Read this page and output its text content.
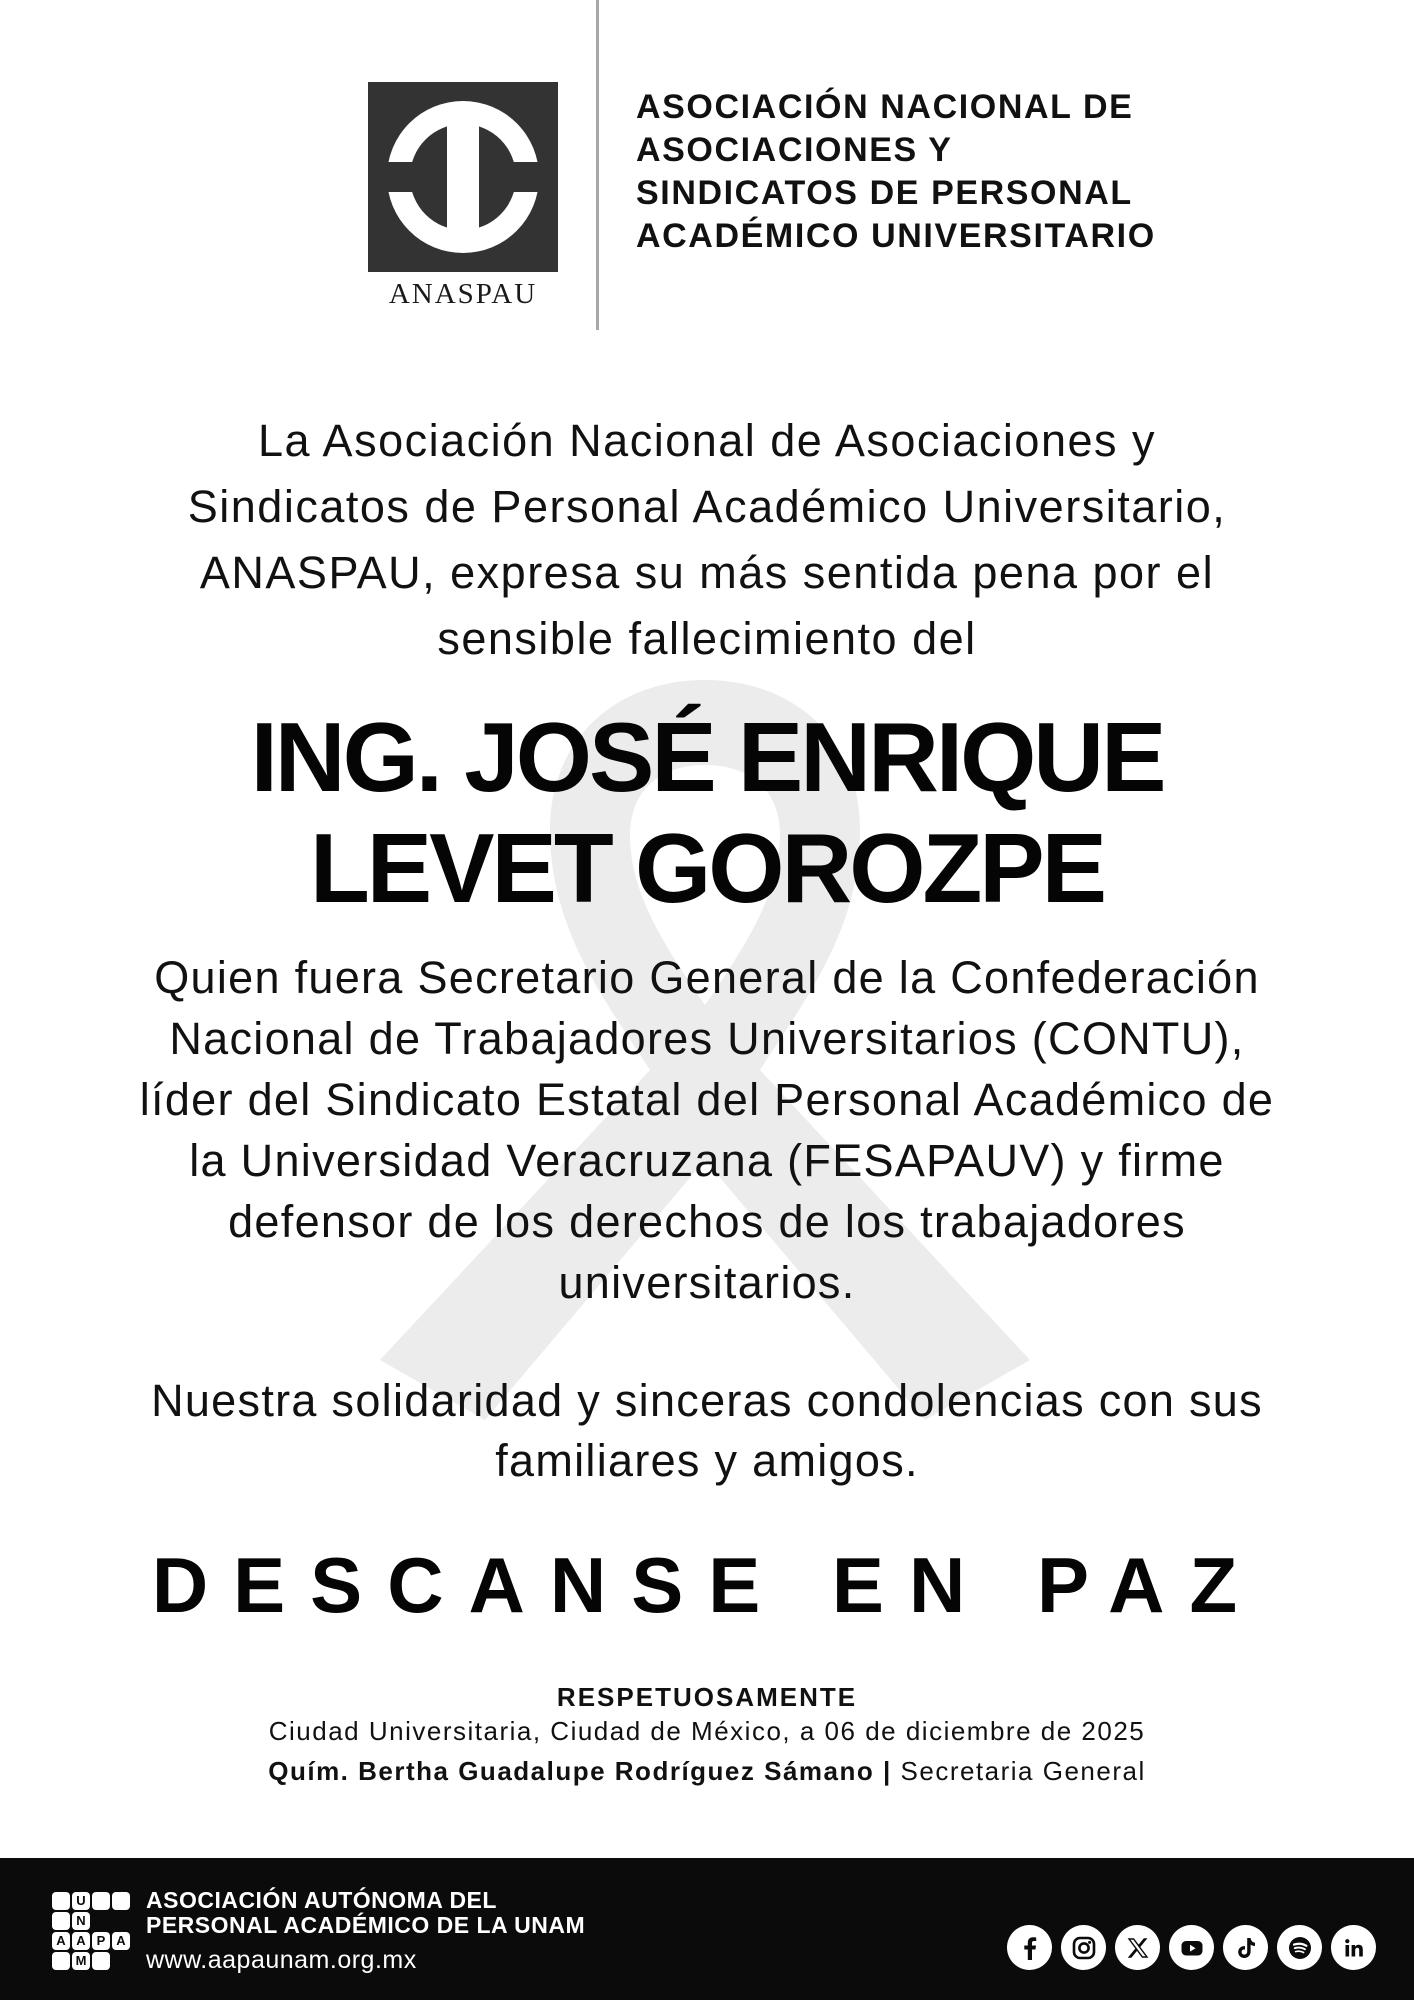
ANASPAU
ASOCIACIÓN NACIONAL DE
ASOCIACIONES Y
SINDICATOS DE PERSONAL
ACADÉMICO UNIVERSITARIO
La Asociación Nacional de Asociaciones y
Sindicatos de Personal Académico Universitario,
ANASPAU, expresa su más sentida pena por el
sensible fallecimiento del
ING. JOSÉ ENRIQUE
LEVET GOROZPE
Quien fuera Secretario General de la Confederación
Nacional de Trabajadores Universitarios (CONTU),
líder del Sindicato Estatal del Personal Académico de
la Universidad Veracruzana (FESAPAUV) y firme
defensor de los derechos de los trabajadores
universitarios.
Nuestra solidaridad y sinceras condolencias con sus
familiares y amigos.
DESCANSE EN PAZ
RESPETUOSAMENTE
Ciudad Universitaria, Ciudad de México, a 06 de diciembre de 2025
Quím. Bertha Guadalupe Rodríguez Sámano | Secretaria General
U
N
A A P A
M
ASOCIACIÓN AUTÓNOMA DEL
PERSONAL ACADÉMICO DE LA UNAM
www.aapaunam.org.mx
